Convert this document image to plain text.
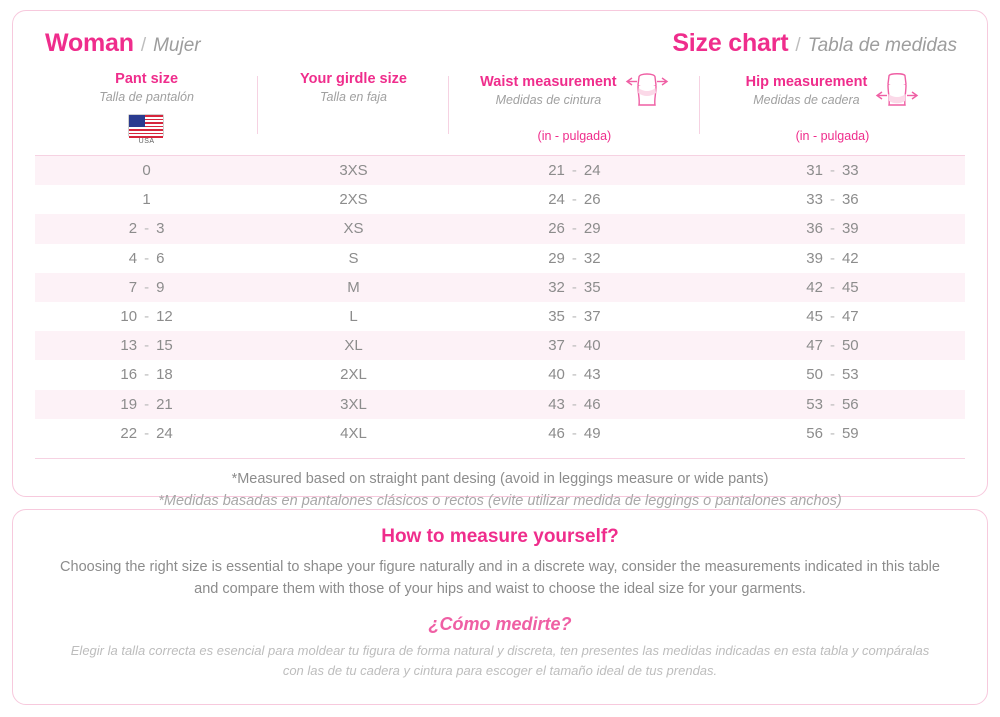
Woman / Mujer	Size chart / Tabla de medidas
Pant size
Talla de pantalón
USA
Your girdle size
Talla en faja
Waist measurement
Medidas de cintura
(in - pulgada)
Hip measurement
Medidas de cadera
(in - pulgada)
0	3XS	21 - 24	31 - 33
1	2XS	24 - 26	33 - 36
2 - 3	XS	26 - 29	36 - 39
4 - 6	S	29 - 32	39 - 42
7 - 9	M	32 - 35	42 - 45
10 - 12	L	35 - 37	45 - 47
13 - 15	XL	37 - 40	47 - 50
16 - 18	2XL	40 - 43	50 - 53
19 - 21	3XL	43 - 46	53 - 56
22 - 24	4XL	46 - 49	56 - 59
*Measured based on straight pant desing (avoid in leggings measure or wide pants)
*Medidas basadas en pantalones clásicos o rectos (evite utilizar medida de leggings o pantalones anchos)
How to measure yourself?
Choosing the right size is essential to shape your figure naturally and in a discrete way, consider the measurements indicated in this table and compare them with those of your hips and waist to choose the ideal size for your garments.
¿Cómo medirte?
Elegir la talla correcta es esencial para moldear tu figura de forma natural y discreta, ten presentes las medidas indicadas en esta tabla y compáralas con las de tu cadera y cintura para escoger el tamaño ideal de tus prendas.
